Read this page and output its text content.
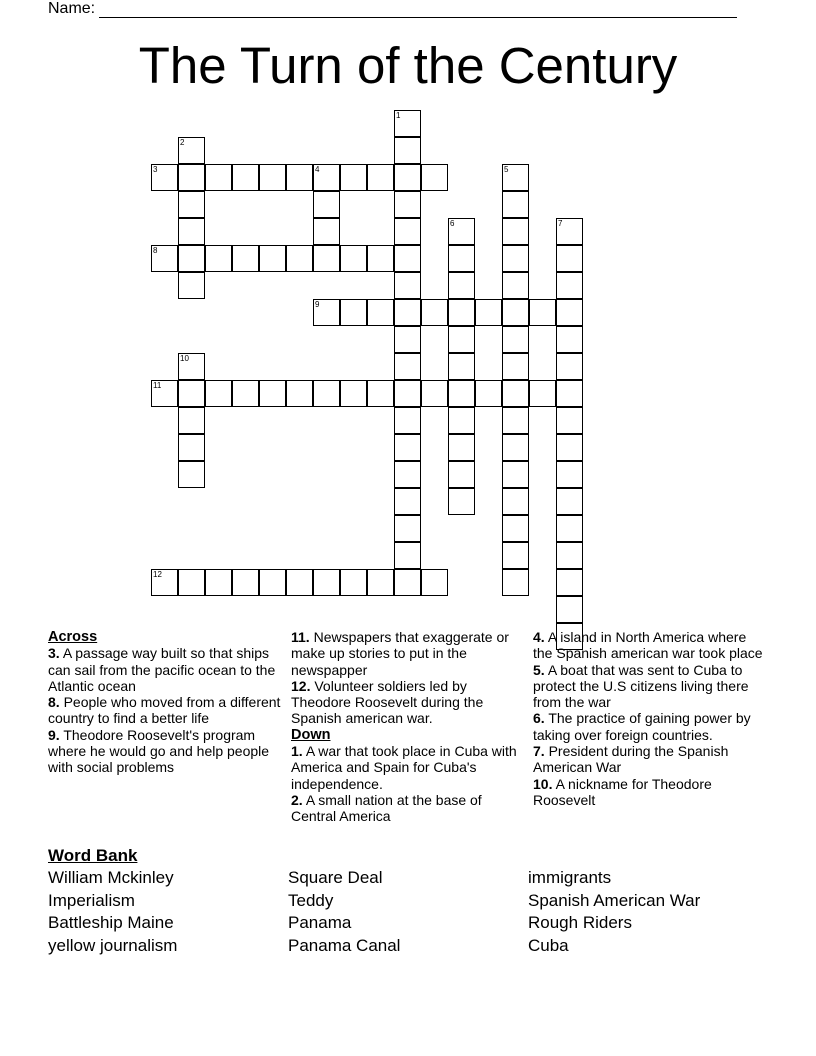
Name:
The Turn of the Century
1
2
3	4	5
6	7
8
9
10
11
12
Across
3. A passage way built so that ships can sail from the pacific ocean to the Atlantic ocean
8. People who moved from a different country to find a better life
9. Theodore Roosevelt's program where he would go and help people with social problems
11. Newspapers that exaggerate or make up stories to put in the newspapper
12. Volunteer soldiers led by Theodore Roosevelt during the Spanish american war.
Down
1. A war that took place in Cuba with America and Spain for Cuba's independence.
2. A small nation at the base of Central America
4. A island in North America where the Spanish american war took place
5. A boat that was sent to Cuba to protect the U.S citizens living there from the war
6. The practice of gaining power by taking over foreign countries.
7. President during the Spanish American War
10. A nickname for Theodore Roosevelt
Word Bank
William Mckinley
Imperialism
Battleship Maine
yellow journalism
Square Deal
Teddy
Panama
Panama Canal
immigrants
Spanish American War
Rough Riders
Cuba
